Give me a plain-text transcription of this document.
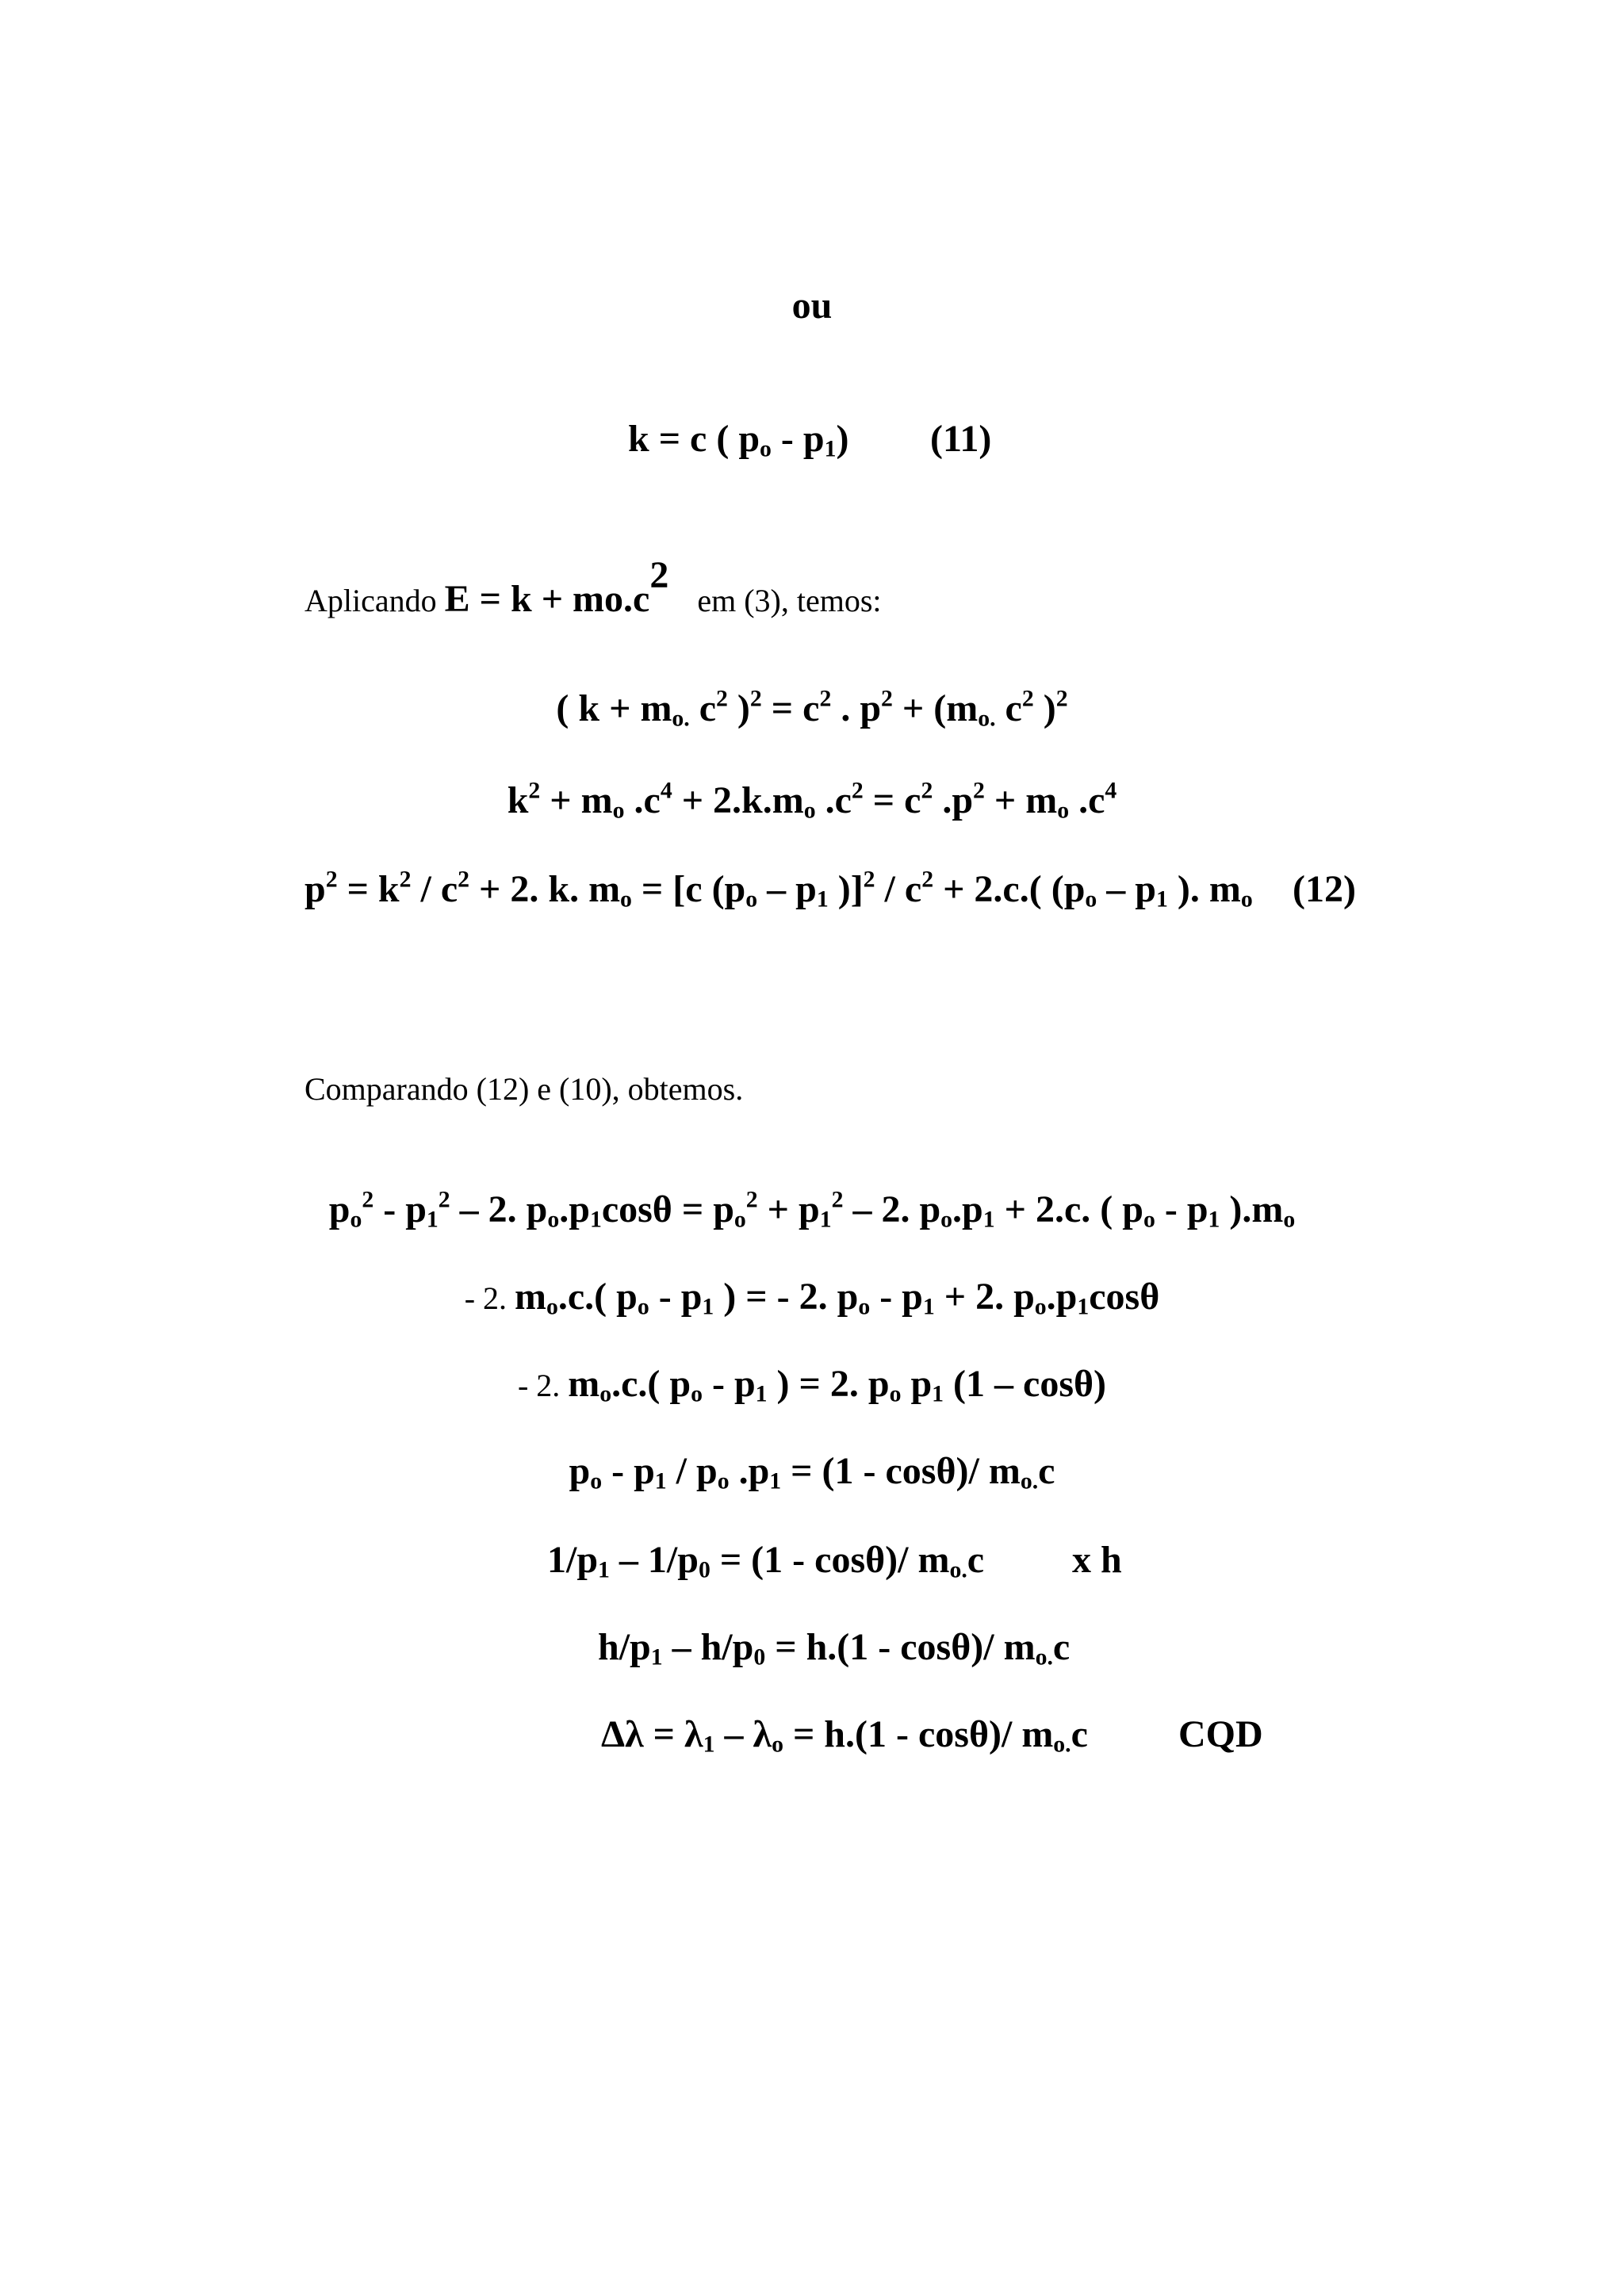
ou
k = c ( $p_o - p_1$) (11)
Aplicando $E = k + mo.c^2em$ (3), temos:
( $k + m_{o.}$ $c^2$ )$^2 = c^2$ . $p^2 + (m_{o.}$ $c^2$ )$^2$
$k^2 + m_o$ $.c^4 + 2.k.m_o$ $.c^2 = c^2$ $.p^2 + m_o$ $.c^4$
$p^2 = k^2 / c^2 + 2$. k. $m_o = [c$ ($p_o - p_1$ )]$^2 / c^2 + 2.c$.( ($p_o - p_1$ ). $m_o$ (12)
Comparando (12) e (10), obtemos.
$p_o^2 - p_1^2 - 2$. $p_o.p_1\cos\theta = p_o^2 + p_1^2 - 2$. $p_o.p_1 + 2.c$. ( $p_o - p_1$ )$.m_o$
- 2. $m_o.c$.( $p_o - p_1$ ) = - 2. $p_o - p_1 + 2$. $p_o.p_1\cos\theta$
- 2. $m_o.c$.( $p_o - p_1$ ) = 2. $p_o$ $p_1$ (1 – cosθ)
$p_o - p_1 / p_o$ $.p_1 = (1 - \cos\theta)/$ $m_{o.}c$
$1/p_1 - 1/p_0 = (1 - \cos\theta)/$ $m_{o.}c$ x h
$h/p_1 - h/p_0 = h.(1 - \cos\theta)/$ $m_{o.}c$
$\Delta\lambda = \lambda_1 - \lambda_o = h.(1 - \cos\theta)/$ $m_{o.}c$ CQD
